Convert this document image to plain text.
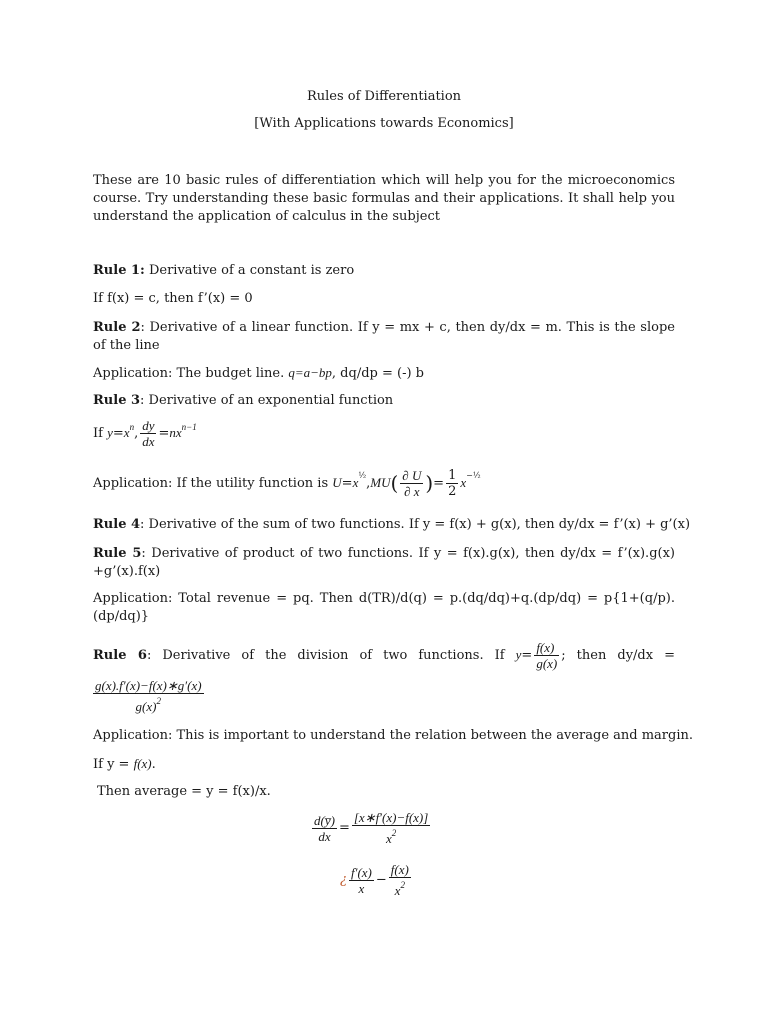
Rules of Differentiation
[With Applications towards Economics]
These are 10 basic rules of differentiation which will help you for the microeconomics course. Try understanding these basic formulas and their applications. It shall help you understand the application of calculus in the subject
Rule 1: Derivative of a constant is zero
If f(x) = c, then f’(x) = 0
Rule 2: Derivative of a linear function. If y = mx + c, then dy/dx = m. This is the slope of the line
Application: The budget line. q=a−bp, dq/dp = (-) b
Rule 3: Derivative of an exponential function
If $y=x^n$, $\frac{dy}{dx} =nx^{n-1}$
Application: If the utility function is $U=x^{\frac{1}{2}},MU( \frac{\partial U}{\partial x}$ )= $\frac{1}{2} x^{-\frac{1}{2}}$
Rule 4: Derivative of the sum of two functions. If y = f(x) + g(x), then dy/dx = f’(x) + g’(x)
Rule 5: Derivative of product of two functions. If y = f(x).g(x), then dy/dx = f’(x).g(x) +g’(x).f(x)
Application: Total revenue = pq. Then d(TR)/d(q) = p.(dq/dq)+q.(dp/dq) = p{1+(q/p).(dp/dq)}
Rule 6: Derivative of the division of two functions. If $y= \frac{f(x)}{g(x)}$ ; then dy/dx =
$\frac{g(x).f'(x)-f(x)∗g'(x)}{g(x)^2}$
Application: This is important to understand the relation between the average and margin.
If y = f(x).
Then average = y = f(x)/x.
$\frac{d(y̅)}{dx} = \frac{[x∗f'(x)-f(x)]}{x^2}$
¿ $\frac{f'(x)}{x} - \frac{f(x)}{x^2}$
